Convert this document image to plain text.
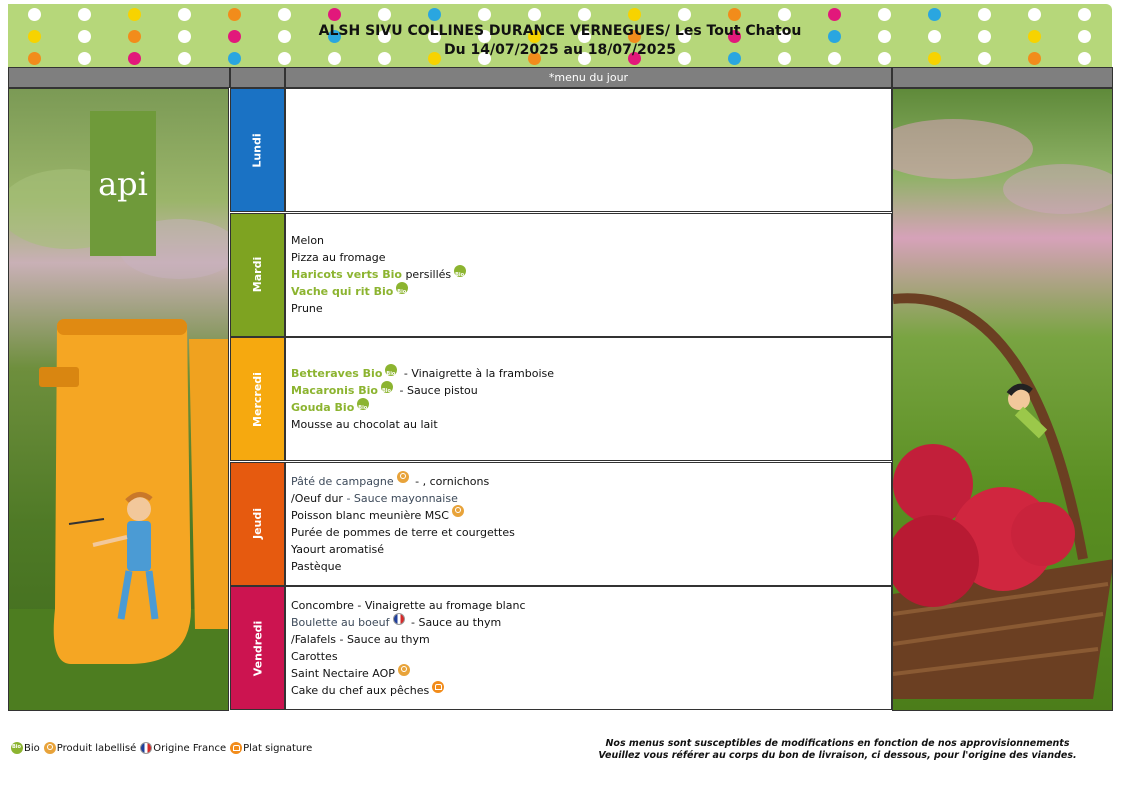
ALSH SIVU COLLINES DURANCE VERNEGUES/ Les Tout Chatou
Du 14/07/2025 au 18/07/2025
*menu du jour
api
Lundi
Mardi
Melon
Pizza au fromage
Haricots verts Bio persillés
Bio
Vache qui rit Bio
Bio
Prune
Mercredi Betteraves Bio Bio - Vinaigrette à la framboise
Macaronis Bio Bio - Sauce pistou
Gouda Bio
Bio
Mousse au chocolat au lait
Jeudi
Pâté de campagne - , cornichons
/Oeuf dur - Sauce mayonnaise
Poisson blanc meunière MSC
Purée de pommes de terre et courgettes
Yaourt aromatisé
Pastèque
Vendredi
Concombre - Vinaigrette au fromage blanc
Boulette au boeuf - Sauce au thym
/Falafels - Sauce au thym
Carottes
Saint Nectaire AOP
Cake du chef aux pêches
Bio
Bio Produit labellisé Origine France Plat signature	Nos menus sont susceptibles de modifications en fonction de nos approvisionnements
Veuillez vous référer au corps du bon de livraison, ci dessous, pour l'origine des viandes.
